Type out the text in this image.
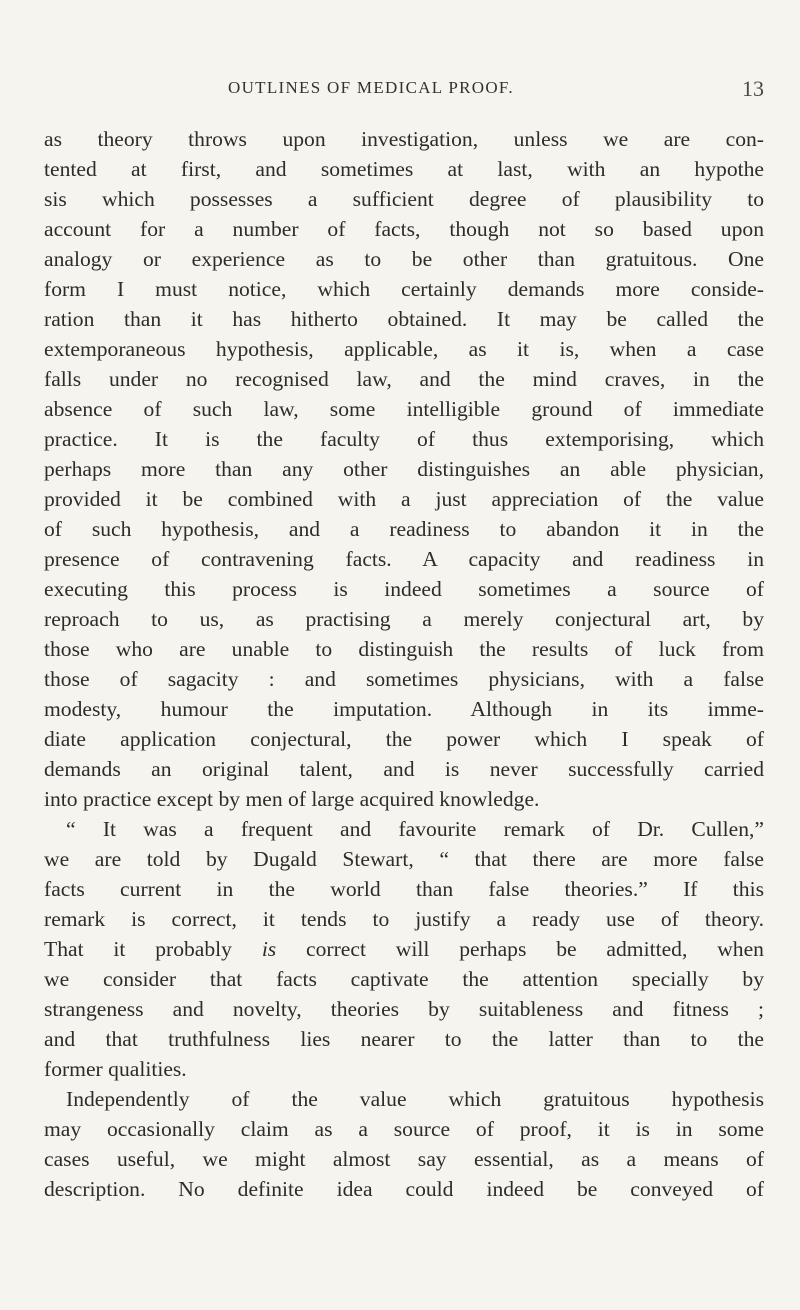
OUTLINES OF MEDICAL PROOF.	13
as theory throws upon investigation, unless we are con-
tented at first, and sometimes at last, with an hypothe
sis which possesses a sufficient degree of plausibility to
account for a number of facts, though not so based upon
analogy or experience as to be other than gratuitous. One
form I must notice, which certainly demands more conside-
ration than it has hitherto obtained. It may be called the
extemporaneous hypothesis, applicable, as it is, when a case
falls under no recognised law, and the mind craves, in the
absence of such law, some intelligible ground of immediate
practice. It is the faculty of thus extemporising, which
perhaps more than any other distinguishes an able physician,
provided it be combined with a just appreciation of the value
of such hypothesis, and a readiness to abandon it in the
presence of contravening facts. A capacity and readiness in
executing this process is indeed sometimes a source of
reproach to us, as practising a merely conjectural art, by
those who are unable to distinguish the results of luck from
those of sagacity : and sometimes physicians, with a false
modesty, humour the imputation. Although in its imme-
diate application conjectural, the power which I speak of
demands an original talent, and is never successfully carried
into practice except by men of large acquired knowledge.
“ It was a frequent and favourite remark of Dr. Cullen,”
we are told by Dugald Stewart, “ that there are more false
facts current in the world than false theories.” If this
remark is correct, it tends to justify a ready use of theory.
That it probably is correct will perhaps be admitted, when
we consider that facts captivate the attention specially by
strangeness and novelty, theories by suitableness and fitness ;
and that truthfulness lies nearer to the latter than to the
former qualities.
Independently of the value which gratuitous hypothesis
may occasionally claim as a source of proof, it is in some
cases useful, we might almost say essential, as a means of
description. No definite idea could indeed be conveyed of
